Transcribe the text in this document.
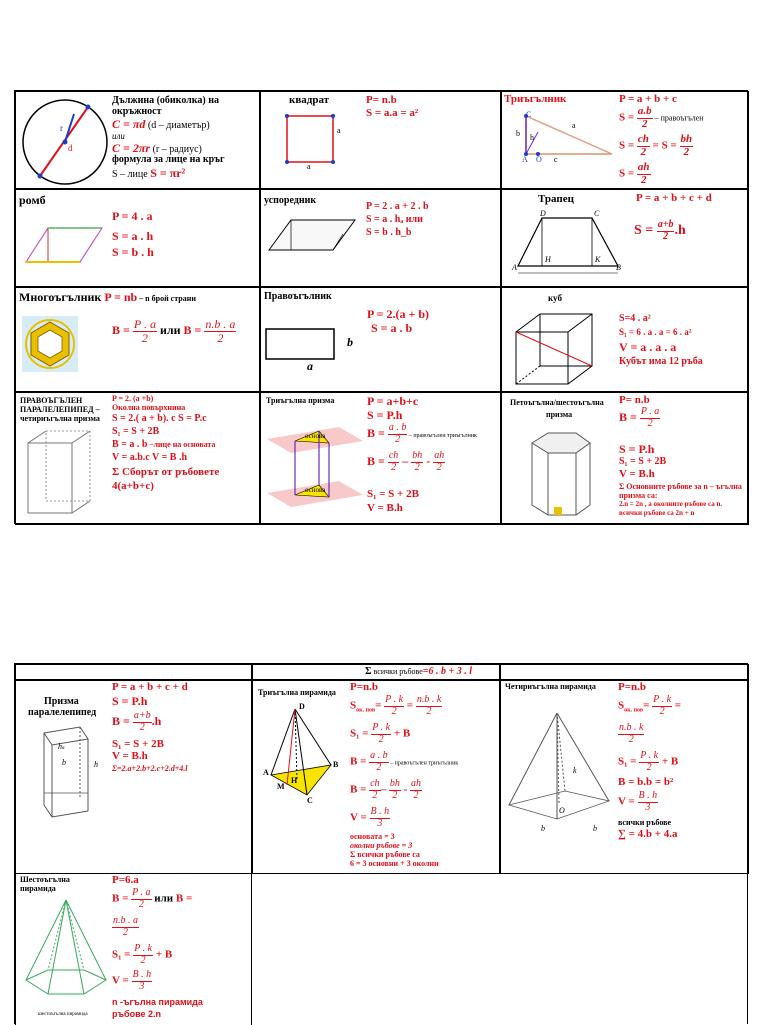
r
d
Дължина (обиколка) на
окръжност
C = πd (d – диаметър)
или
C = 2πr (r – радиус)
формула за лице на кръг
S – лице S = πr²
квадрат
a
a
P= n.b
S = a.a = a²
Триъгълник
C
a
b h
c
A O
P = a + b + c
$S = \frac{a.b}{2}$ – правоъгълен
$S = \frac{ch}{2} = S = \frac{bh}{2}$
$S = \frac{ah}{2}$
ромб
P = 4 . a
S = a . h
S = b . h
успоредник
P = 2 . a + 2 . b
S = a . hₐ или
S = b . h_b
Трапец
D	C
A
H	K
B
P = a + b + c + d
$S = \frac{a+b}{2} .h$
Многоъгълник P = nb – n брой страни
$B = \frac{P . a}{2}$ или $B = \frac{n.b . a}{2}$
Правоъгълник
b
a
P = 2.(a + b)
S = a . b
куб
S=4 . a²
S₁ = 6 . a . a = 6 . a²
V = a . a . a
Кубът има 12 ръба
ПРАВОЪГЪЛЕН
ПАРАЛЕЛЕПИПЕД –
четириъгълна призма
P = 2. (a +b)
Околна повърхнина
S = 2.( a + b). c S = P.c
S₁ = S + 2B
B = a . b –лице на основата
V = a.b.c V = B .h
Σ Сборът от ръбовете
4(a+b+c)
Триъгълна призма
основа
основа
P = a+b+c
S = P.h
$B = \frac{a . b}{2}$ – правоъгълен триъгълник
$B = \frac{ch}{2} - \frac{bh}{2} - \frac{ah}{2}$
S₁ = S + 2B
V = B.h
Петоъгълна/шестоъгълна
призма
P= n.b
$B = \frac{P . a}{2}$
S = P.h
S₁ = S + 2B
V = B.h
Σ Основните ръбове за n – ъгълна
призма са:
2.n = 2n , а околните ръбове са n.
всички ръбове са 2n + n
Σ всички ръбове=6 . b + 3 . l
Призма
паралелепипед
hₛ
b	h
P = a + b + c + d
S = P.h
$B = \frac{a+b}{2} .h$
S₁ = S + 2B
V = B.h
Σ=2.a+2.b+2.c+2.d+4.l
Триъгълна пирамида
D
A
B
C
M
H
P=n.b
$S_{ок. пов}= \frac{P . k}{2} = \frac{n.b . k}{2}$
$S_1 = \frac{P . k}{2} + B$
$B = \frac{a . b}{2}$ – правоъгълен триъгълник
$B = \frac{ch}{2} - \frac{bh}{2} - \frac{ah}{2}$
$V = \frac{B . h}{3}$
основата = 3
околни ръбове = 3
Σ всички ръбове са
6 = 3 основни + 3 околни
Четириъгълна пирамида
k
O
b	b
P=n.b
$S_{ок. пов}= \frac{P . k}{2}$ =
$\frac{n.b . k}{2}$
$S_1 = \frac{P . k}{2} + B$
B = b.b = b²
$V = \frac{B . h}{3}$
всички ръбове
∑ = 4.b + 4.a
Шестоъгълна
пирамида
шестоъгълна пирамида
P=6.a
$B = \frac{P . a}{2}$ или B =
$\frac{n.b . a}{2}$
$S_1 = \frac{P . k}{2} + B$
$V = \frac{B . h}{3}$
n -ъгълна пирамида
ръбове 2.n
